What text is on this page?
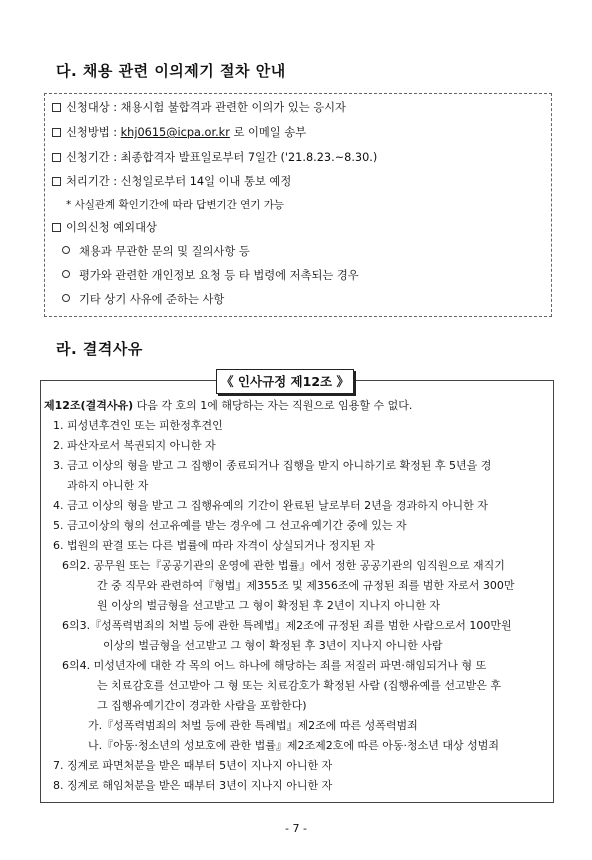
다. 채용 관련 이의제기 절차 안내
신청대상 : 채용시험 불합격과 관련한 이의가 있는 응시자
신청방법 : khj0615@icpa.or.kr 로 이메일 송부
신청기간 : 최종합격자 발표일로부터 7일간 ('21.8.23.~8.30.)
처리기간 : 신청일로부터 14일 이내 통보 예정
* 사실관계 확인기간에 따라 답변기간 연기 가능
이의신청 예외대상
채용과 무관한 문의 및 질의사항 등
평가와 관련한 개인정보 요청 등 타 법령에 저촉되는 경우
기타 상기 사유에 준하는 사항
라. 결격사유
《 인사규정 제12조 》
제12조(결격사유) 다음 각 호의 1에 해당하는 자는 직원으로 임용할 수 없다.
1. 피성년후견인 또는 피한정후견인
2. 파산자로서 복권되지 아니한 자
3. 금고 이상의 형을 받고 그 집행이 종료되거나 집행을 받지 아니하기로 확정된 후 5년을 경
과하지 아니한 자
4. 금고 이상의 형을 받고 그 집행유예의 기간이 완료된 날로부터 2년을 경과하지 아니한 자
5. 금고이상의 형의 선고유예를 받는 경우에 그 선고유예기간 중에 있는 자
6. 법원의 판결 또는 다른 법률에 따라 자격이 상실되거나 정지된 자
6의2. 공무원 또는『공공기관의 운영에 관한 법률』에서 정한 공공기관의 임직원으로 재직기
간 중 직무와 관련하여『형법』제355조 및 제356조에 규정된 죄를 범한 자로서 300만
원 이상의 벌금형을 선고받고 그 형이 확정된 후 2년이 지나지 아니한 자
6의3.『성폭력범죄의 처벌 등에 관한 특례법』제2조에 규정된 죄를 범한 사람으로서 100만원
이상의 벌금형을 선고받고 그 형이 확정된 후 3년이 지나지 아니한 사람
6의4. 미성년자에 대한 각 목의 어느 하나에 해당하는 죄를 저질러 파면·해임되거나 형 또
는 치료감호를 선고받아 그 형 또는 치료감호가 확정된 사람 (집행유예를 선고받은 후
그 집행유예기간이 경과한 사람을 포함한다)
가.『성폭력범죄의 처벌 등에 관한 특례법』제2조에 따른 성폭력범죄
나.『아동·청소년의 성보호에 관한 법률』제2조제2호에 따른 아동·청소년 대상 성범죄
7. 징계로 파면처분을 받은 때부터 5년이 지나지 아니한 자
8. 징계로 해임처분을 받은 때부터 3년이 지나지 아니한 자
- 7 -
